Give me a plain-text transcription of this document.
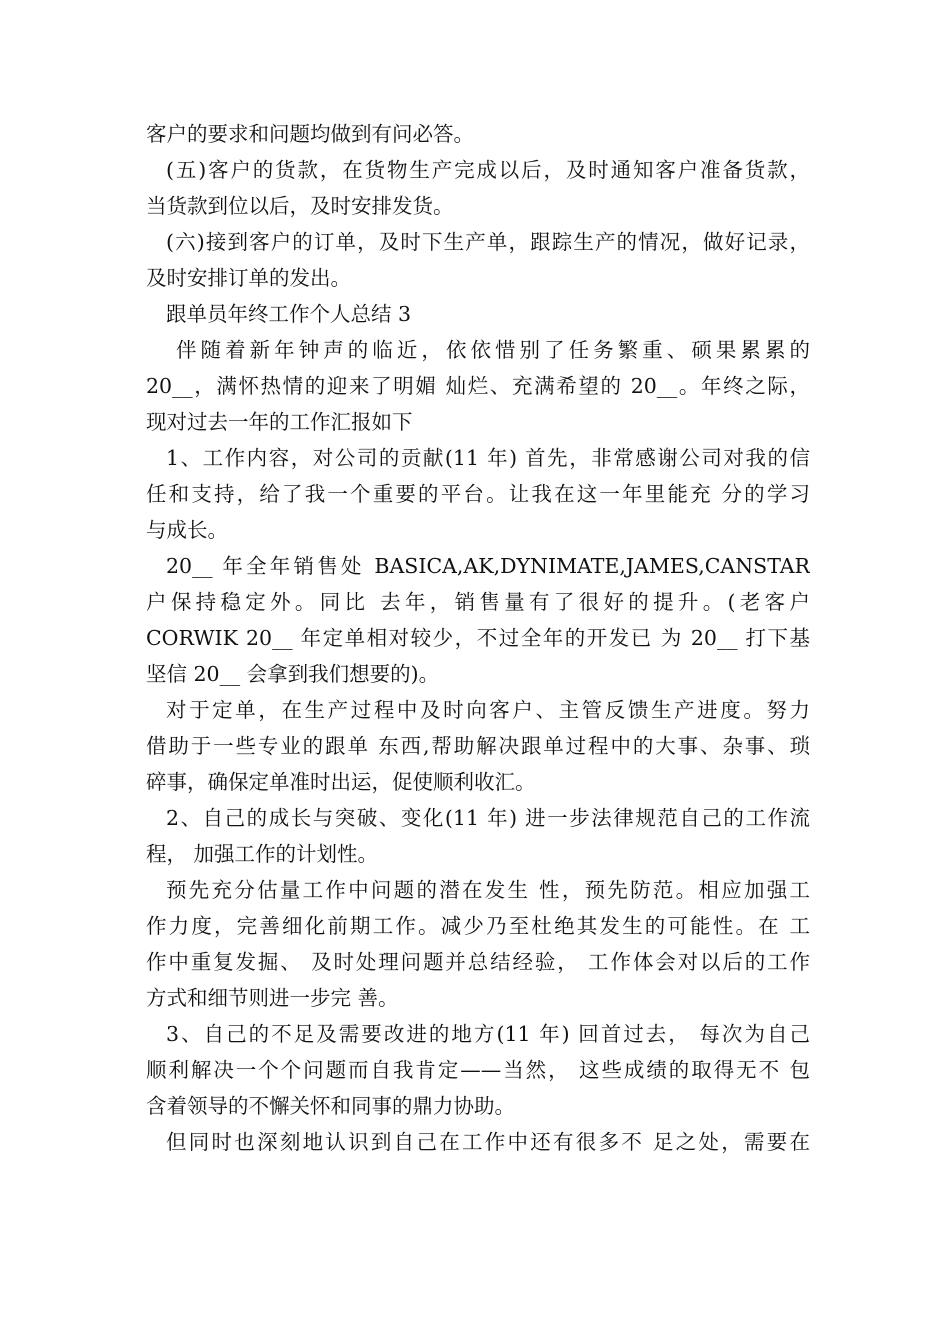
客户的要求和问题均做到有问必答。
(五)客户的货款，在货物生产完成以后，及时通知客户准备货款，
当货款到位以后，及时安排发货。
(六)接到客户的订单，及时下生产单，跟踪生产的情况，做好记录，
及时安排订单的发出。
跟单员年终工作个人总结 3
伴随着新年钟声的临近，依依惜别了任务繁重、硕果累累的
20__，满怀热情的迎来了明媚 灿烂、充满希望的 20__。年终之际，
现对过去一年的工作汇报如下
1、工作内容，对公司的贡献(11 年) 首先，非常感谢公司对我的信
任和支持，给了我一个重要的平台。让我在这一年里能充 分的学习
与成长。
20__ 年全年销售处 BASICA,AK,DYNIMATE,JAMES,CANSTAR
户保持稳定外。同比 去年，销售量有了很好的提升。(老客户
CORWIK 20__ 年定单相对较少，不过全年的开发已 为 20__ 打下基
坚信 20__ 会拿到我们想要的)。
对于定单，在生产过程中及时向客户、主管反馈生产进度。努力
借助于一些专业的跟单 东西,帮助解决跟单过程中的大事、杂事、琐
碎事，确保定单准时出运，促使顺利收汇。
2、自己的成长与突破、变化(11 年) 进一步法律规范自己的工作流
程， 加强工作的计划性。
预先充分估量工作中问题的潜在发生 性，预先防范。相应加强工
作力度，完善细化前期工作。减少乃至杜绝其发生的可能性。在 工
作中重复发掘、 及时处理问题并总结经验， 工作体会对以后的工作
方式和细节则进一步完 善。
3、自己的不足及需要改进的地方(11 年) 回首过去， 每次为自己
顺利解决一个个问题而自我肯定——当然， 这些成绩的取得无不 包
含着领导的不懈关怀和同事的鼎力协助。
但同时也深刻地认识到自己在工作中还有很多不 足之处，需要在
